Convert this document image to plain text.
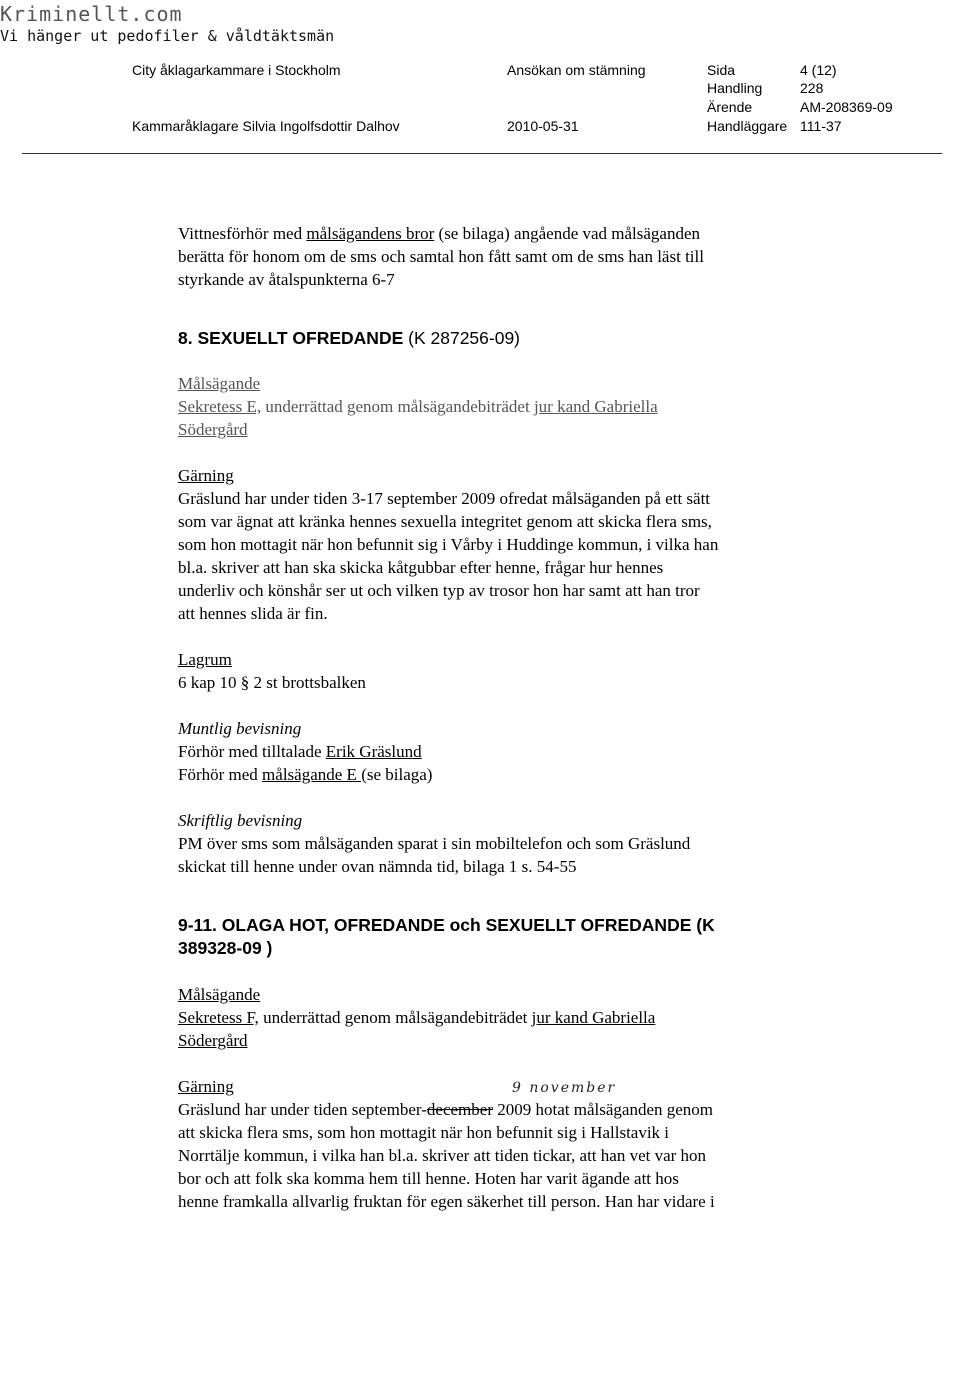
Kriminellt.com
Vi hänger ut pedofiler & våldtäktsmän
City åklagarkammare i Stockholm
Kammaråklagare Silvia Ingolfsdottir Dalhov
Ansökan om stämning
2010-05-31
Sida
Handling
Ärende
Handläggare
4 (12)
228
AM-208369-09
111-37
9 november

Vittnesförhör med målsägandens bror (se bilaga) angående vad målsäganden

berätta för honom om de sms och samtal hon fått samt om de sms han läst till

styrkande av åtalspunkterna 6-7

8. SEXUELLT OFREDANDE (K 287256-09)

Målsägande

Sekretess E, underrättad genom målsägandebiträdet jur kand Gabriella

Södergård

Gärning

Gräslund har under tiden 3-17 september 2009 ofredat målsäganden på ett sätt

som var ägnat att kränka hennes sexuella integritet genom att skicka flera sms,

som hon mottagit när hon befunnit sig i Vårby i Huddinge kommun, i vilka han

bl.a. skriver att han ska skicka kåtgubbar efter henne, frågar hur hennes

underliv och könshår ser ut och vilken typ av trosor hon har samt att han tror

att hennes slida är fin.

Lagrum

6 kap 10 § 2 st brottsbalken

Muntlig bevisning

Förhör med tilltalade Erik Gräslund

Förhör med målsägande E (se bilaga)

Skriftlig bevisning

PM över sms som målsäganden sparat i sin mobiltelefon och som Gräslund

skickat till henne under ovan nämnda tid, bilaga 1 s. 54-55

9-11. OLAGA HOT, OFREDANDE och SEXUELLT OFREDANDE (K

389328-09 )

Målsägande

Sekretess F, underrättad genom målsägandebiträdet jur kand Gabriella

Södergård

Gärning

Gräslund har under tiden september-december 2009 hotat målsäganden genom

att skicka flera sms, som hon mottagit när hon befunnit sig i Hallstavik i

Norrtälje kommun, i vilka han bl.a. skriver att tiden tickar, att han vet var hon

bor och att folk ska komma hem till henne. Hoten har varit ägande att hos

henne framkalla allvarlig fruktan för egen säkerhet till person. Han har vidare i
